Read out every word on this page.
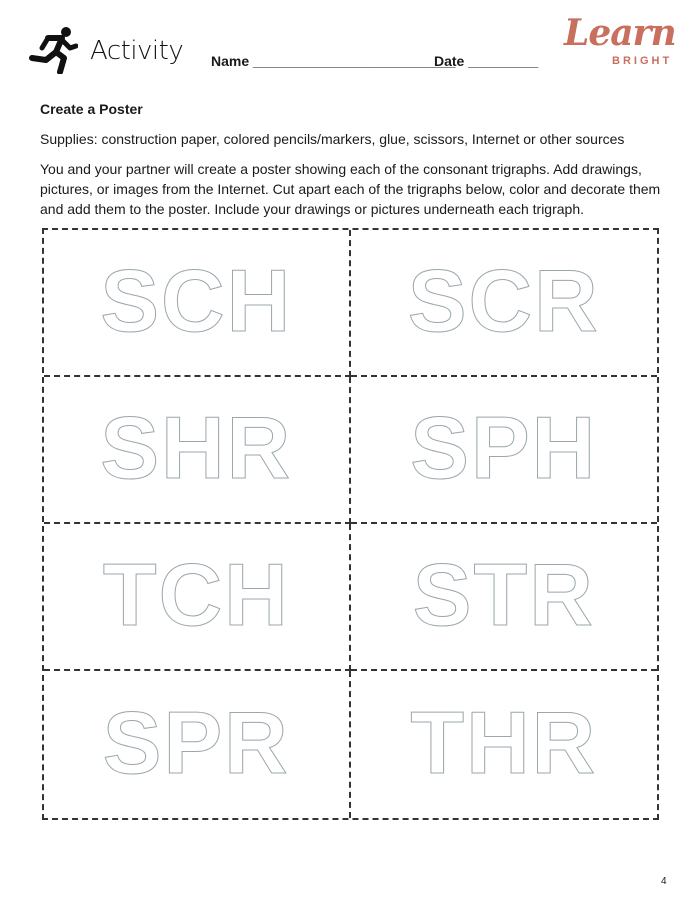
Activity Name __________________________
Date _________
Learn
BRIGHT
Create a Poster
Supplies: construction paper, colored pencils/markers, glue, scissors, Internet or other sources
You and your partner will create a poster showing each of the consonant trigraphs. Add drawings, pictures, or images from the Internet. Cut apart each of the trigraphs below, color and decorate them and add them to the poster. Include your drawings or pictures underneath each trigraph.
SCH SCR
SHR SPH
TCH STR
SPR THR
4
